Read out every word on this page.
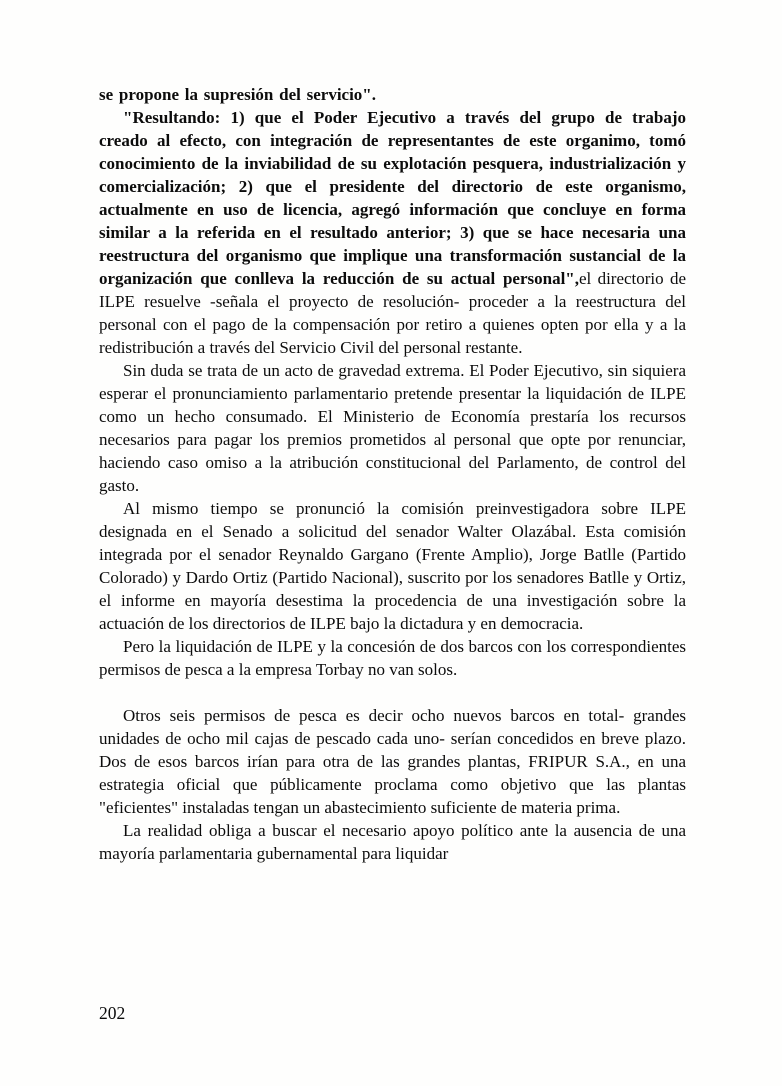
se propone la supresión del servicio".

"Resultando: 1) que el Poder Ejecutivo a través del grupo de trabajo creado al efecto, con integración de representantes de este organimo, tomó conocimiento de la inviabilidad de su explotación pesquera, industrialización y comercialización; 2) que el presidente del directorio de este organismo, actualmente en uso de licencia, agregó información que concluye en forma similar a la referida en el resultado anterior; 3) que se hace necesaria una reestructura del organismo que implique una transformación sustancial de la organización que conlleva la reducción de su actual personal",el directorio de ILPE resuelve -señala el proyecto de resolución- proceder a la reestructura del personal con el pago de la compensación por retiro a quienes opten por ella y a la redistribución a través del Servicio Civil del personal restante.

Sin duda se trata de un acto de gravedad extrema. El Poder Ejecutivo, sin siquiera esperar el pronunciamiento parlamentario pretende presentar la liquidación de ILPE como un hecho consumado. El Ministerio de Economía prestaría los recursos necesarios para pagar los premios prometidos al personal que opte por renunciar, haciendo caso omiso a la atribución constitucional del Parlamento, de control del gasto.

Al mismo tiempo se pronunció la comisión preinvestigadora sobre ILPE designada en el Senado a solicitud del senador Walter Olazábal. Esta comisión integrada por el senador Reynaldo Gargano (Frente Amplio), Jorge Batlle (Partido Colorado) y Dardo Ortiz (Partido Nacional), suscrito por los senadores Batlle y Ortiz, el informe en mayoría desestima la procedencia de una investigación sobre la actuación de los directorios de ILPE bajo la dictadura y en democracia.

Pero la liquidación de ILPE y la concesión de dos barcos con los correspondientes permisos de pesca a la empresa Torbay no van solos.

Otros seis permisos de pesca es decir ocho nuevos barcos en total- grandes unidades de ocho mil cajas de pescado cada uno- serían concedidos en breve plazo. Dos de esos barcos irían para otra de las grandes plantas, FRIPUR S.A., en una estrategia oficial que públicamente proclama como objetivo que las plantas "eficientes" instaladas tengan un abastecimiento suficiente de materia prima.

La realidad obliga a buscar el necesario apoyo político ante la ausencia de una mayoría parlamentaria gubernamental para liquidar

202
